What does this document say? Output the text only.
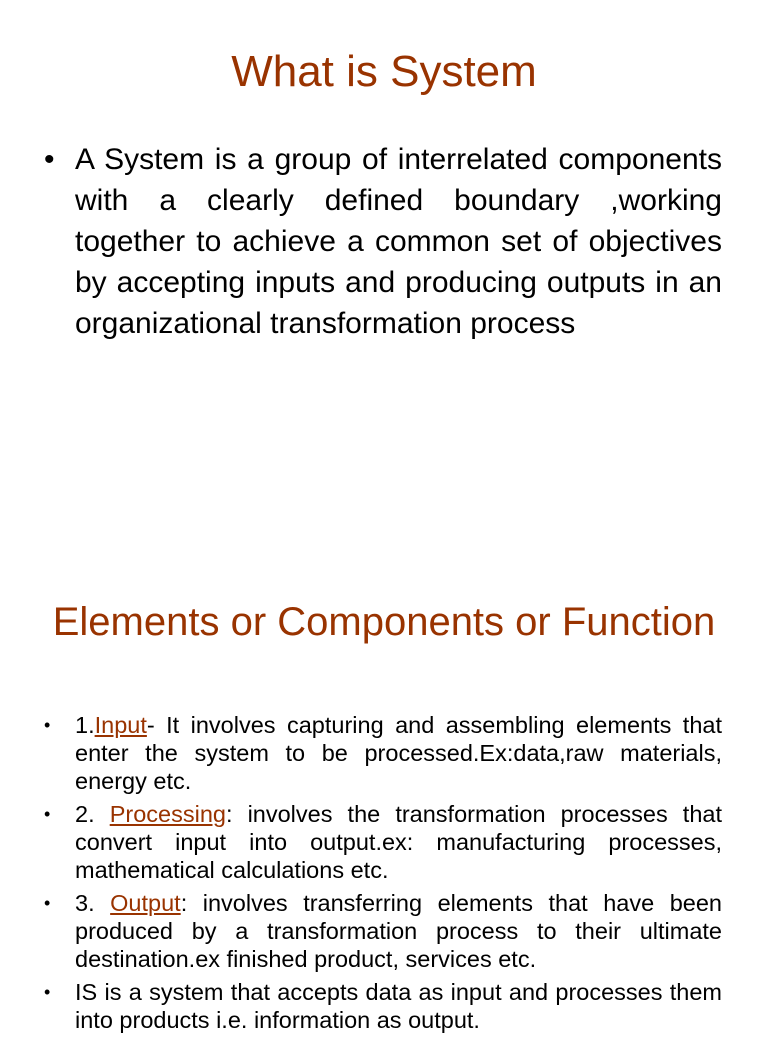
What is System
• A System is a group of interrelated components with a clearly defined boundary ,working together to achieve a common set of objectives by accepting inputs and producing outputs in an organizational transformation process
Elements or Components or Function
• 1.Input- It involves capturing and assembling elements that enter the system to be processed.Ex:data,raw materials, energy etc.
• 2. Processing: involves the transformation processes that convert input into output.ex: manufacturing processes, mathematical calculations etc.
• 3. Output: involves transferring elements that have been produced by a transformation process to their ultimate destination.ex finished product, services etc.
• IS is a system that accepts data as input and processes them into products i.e. information as output.
